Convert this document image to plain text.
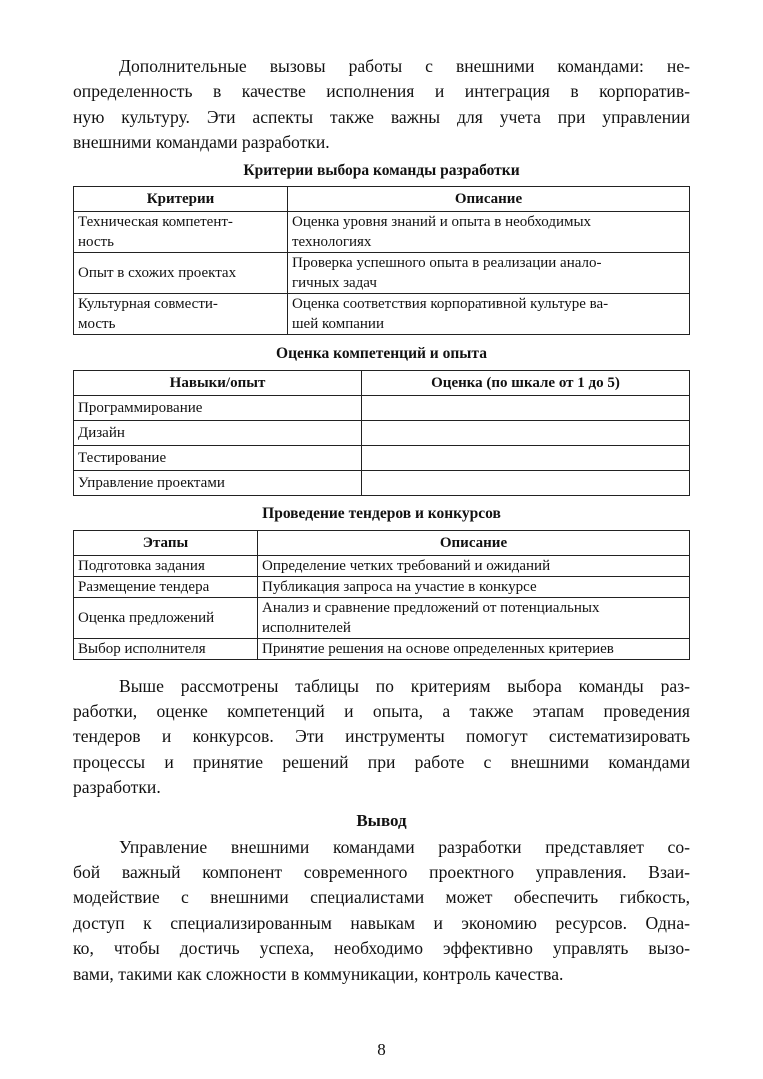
Дополнительные вызовы работы с внешними командами: не-
определенность в качестве исполнения и интеграция в корпоратив-
ную культуру. Эти аспекты также важны для учета при управлении
внешними командами разработки.

Критерии выбора команды разработки

Критерии	Описание

Техническая компетент-
ность	Оценка уровня знаний и опыта в необходимых
технологиях

Опыт в схожих проектах	Проверка успешного опыта в реализации анало-
гичных задач

Культурная совмести-
мость	Оценка соответствия корпоративной культуре ва-
шей компании

Оценка компетенций и опыта

Навыки/опыт	Оценка (по шкале от 1 до 5)
Программирование	
Дизайн	
Тестирование	
Управление проектами	

Проведение тендеров и конкурсов

Этапы	Описание
Подготовка задания	Определение четких требований и ожиданий
Размещение тендера	Публикация запроса на участие в конкурсе
Оценка предложений	Анализ и сравнение предложений от потенциальных
исполнителей

Выбор исполнителя	Принятие решения на основе определенных критериев

Выше рассмотрены таблицы по критериям выбора команды раз-
работки, оценке компетенций и опыта, а также этапам проведения
тендеров и конкурсов. Эти инструменты помогут систематизировать
процессы и принятие решений при работе с внешними командами
разработки.

Вывод

Управление внешними командами разработки представляет со-
бой важный компонент современного проектного управления. Взаи-
модействие с внешними специалистами может обеспечить гибкость,
доступ к специализированным навыкам и экономию ресурсов. Одна-
ко, чтобы достичь успеха, необходимо эффективно управлять вызо-
вами, такими как сложности в коммуникации, контроль качества.

8
